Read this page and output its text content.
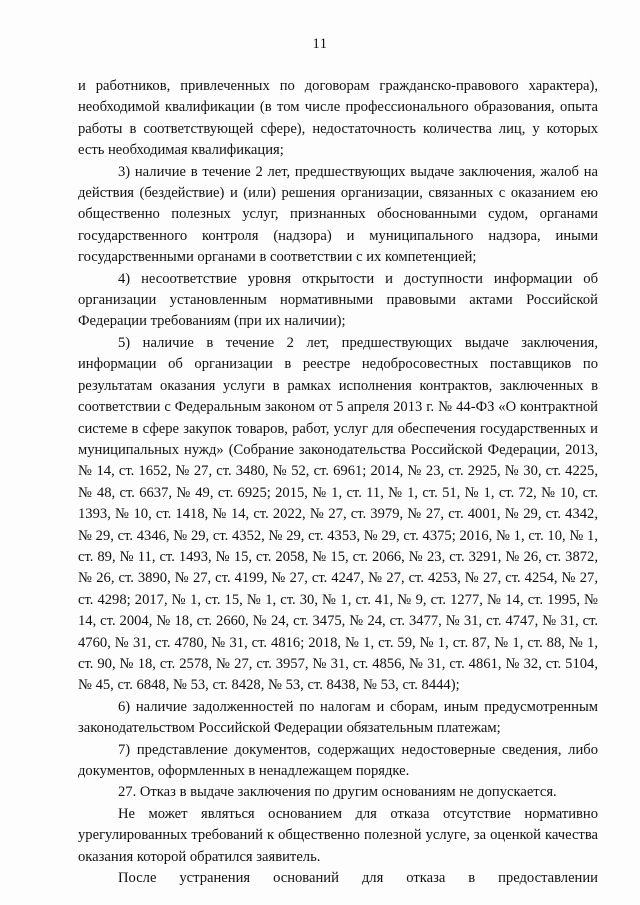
11

и работников, привлеченных по договорам гражданско-правового характера), необходимой квалификации (в том числе профессионального образования, опыта работы в соответствующей сфере), недостаточность количества лиц, у которых есть необходимая квалификация;

3) наличие в течение 2 лет, предшествующих выдаче заключения, жалоб на действия (бездействие) и (или) решения организации, связанных с оказанием ею общественно полезных услуг, признанных обоснованными судом, органами государственного контроля (надзора) и муниципального надзора, иными государственными органами в соответствии с их компетенцией;

4) несоответствие уровня открытости и доступности информации об организации установленным нормативными правовыми актами Российской Федерации требованиям (при их наличии);

5) наличие в течение 2 лет, предшествующих выдаче заключения, информации об организации в реестре недобросовестных поставщиков по результатам оказания услуги в рамках исполнения контрактов, заключенных в соответствии с Федеральным законом от 5 апреля 2013 г. № 44-ФЗ «О контрактной системе в сфере закупок товаров, работ, услуг для обеспечения государственных и муниципальных нужд» (Собрание законодательства Российской Федерации, 2013, № 14, ст. 1652, № 27, ст. 3480, № 52, ст. 6961; 2014, № 23, ст. 2925, № 30, ст. 4225, № 48, ст. 6637, № 49, ст. 6925; 2015, № 1, ст. 11, № 1, ст. 51, № 1, ст. 72, № 10, ст. 1393, № 10, ст. 1418, № 14, ст. 2022, № 27, ст. 3979, № 27, ст. 4001, № 29, ст. 4342, № 29, ст. 4346, № 29, ст. 4352, № 29, ст. 4353, № 29, ст. 4375; 2016, № 1, ст. 10, № 1, ст. 89, № 11, ст. 1493, № 15, ст. 2058, № 15, ст. 2066, № 23, ст. 3291, № 26, ст. 3872, № 26, ст. 3890, № 27, ст. 4199, № 27, ст. 4247, № 27, ст. 4253, № 27, ст. 4254, № 27, ст. 4298; 2017, № 1, ст. 15, № 1, ст. 30, № 1, ст. 41, № 9, ст. 1277, № 14, ст. 1995, № 14, ст. 2004, № 18, ст. 2660, № 24, ст. 3475, № 24, ст. 3477, № 31, ст. 4747, № 31, ст. 4760, № 31, ст. 4780, № 31, ст. 4816; 2018, № 1, ст. 59, № 1, ст. 87, № 1, ст. 88, № 1, ст. 90, № 18, ст. 2578, № 27, ст. 3957, № 31, ст. 4856, № 31, ст. 4861, № 32, ст. 5104, № 45, ст. 6848, № 53, ст. 8428, № 53, ст. 8438, № 53, ст. 8444);

6) наличие задолженностей по налогам и сборам, иным предусмотренным законодательством Российской Федерации обязательным платежам;

7) представление документов, содержащих недостоверные сведения, либо документов, оформленных в ненадлежащем порядке.

27. Отказ в выдаче заключения по другим основаниям не допускается.

Не может являться основанием для отказа отсутствие нормативно урегулированных требований к общественно полезной услуге, за оценкой качества оказания которой обратился заявитель.

После устранения оснований для отказа в предоставлении
